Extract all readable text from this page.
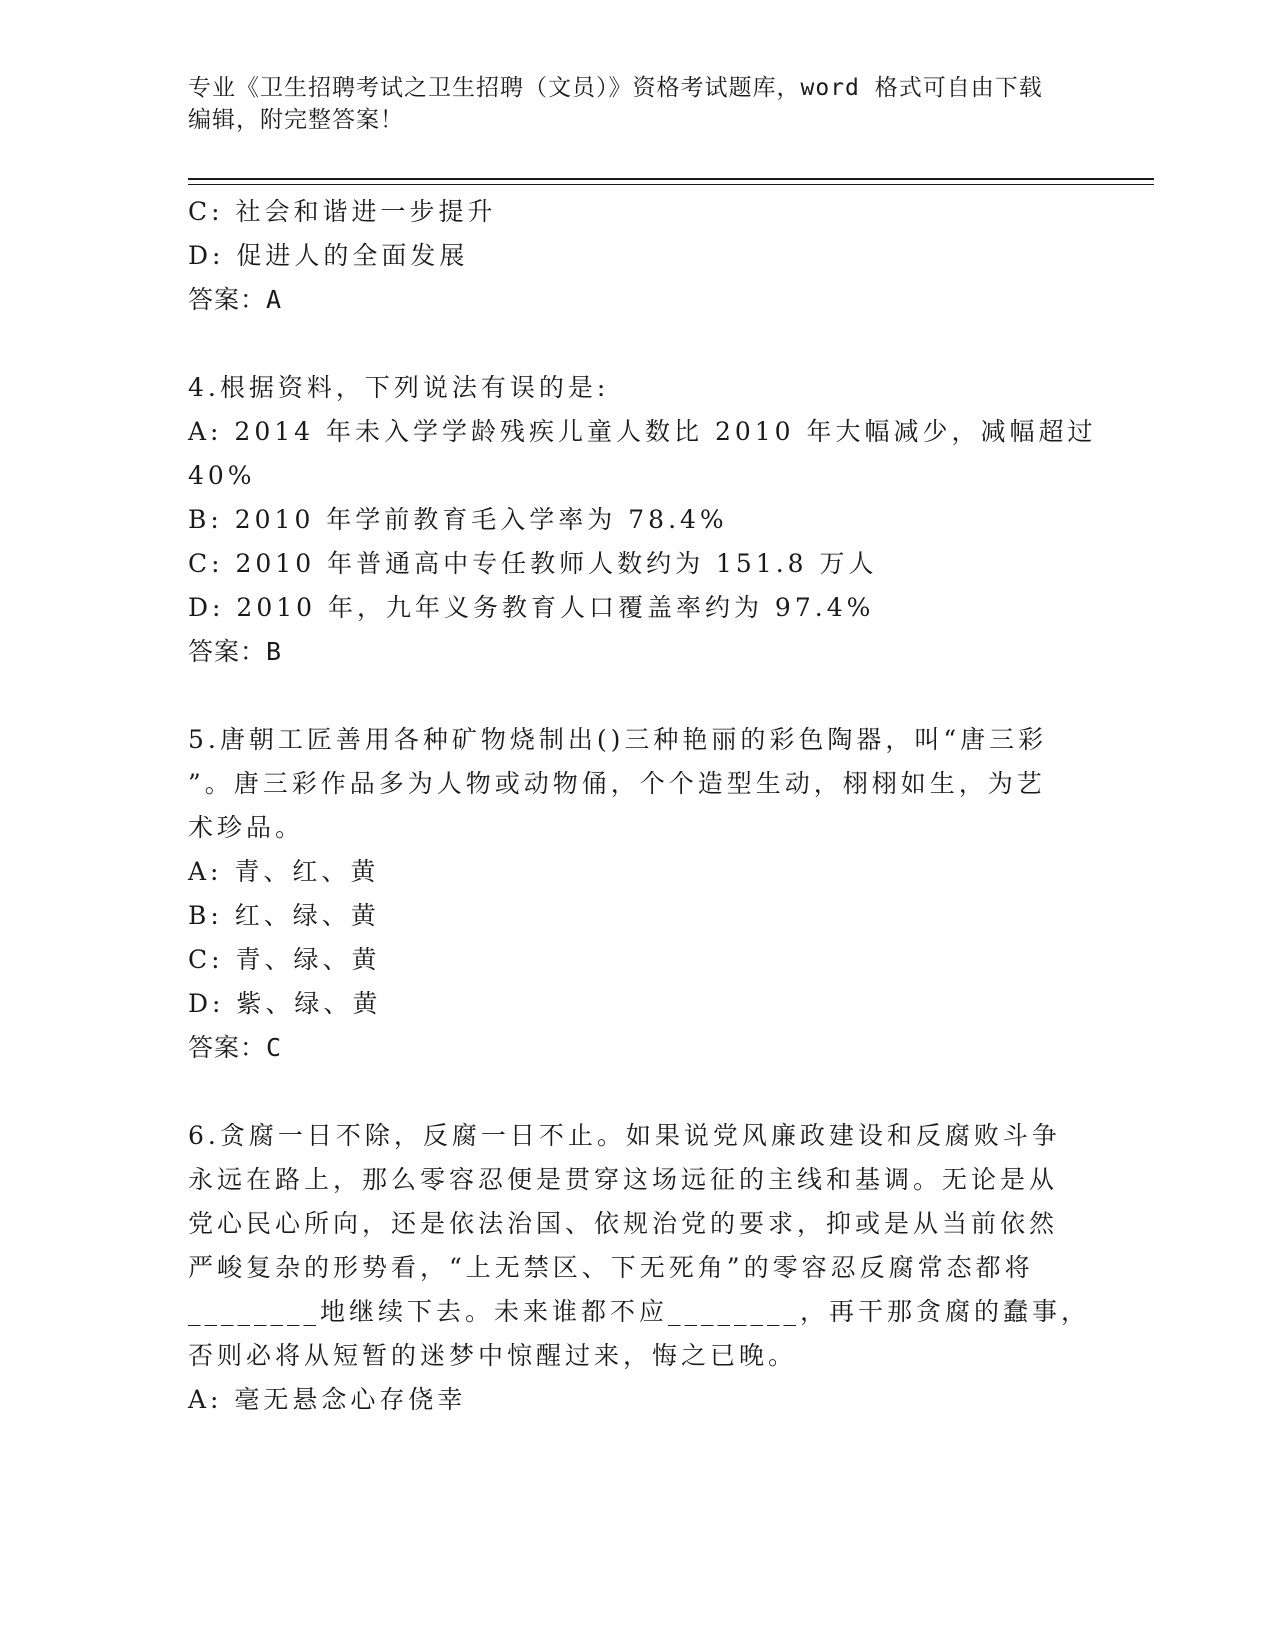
专业《卫生招聘考试之卫生招聘（文员）》资格考试题库，word 格式可自由下载
编辑，附完整答案！
C: 社会和谐进一步提升
D: 促进人的全面发展
答案：A
4.根据资料，下列说法有误的是:
A: 2014 年未入学学龄残疾儿童人数比 2010 年大幅减少，减幅超过
40%
B: 2010 年学前教育毛入学率为 78.4%
C: 2010 年普通高中专任教师人数约为 151.8 万人
D: 2010 年，九年义务教育人口覆盖率约为 97.4%
答案：B
5.唐朝工匠善用各种矿物烧制出()三种艳丽的彩色陶器，叫“唐三彩
”。唐三彩作品多为人物或动物俑，个个造型生动，栩栩如生，为艺
术珍品。
A: 青、红、黄
B: 红、绿、黄
C: 青、绿、黄
D: 紫、绿、黄
答案：C
6.贪腐一日不除，反腐一日不止。如果说党风廉政建设和反腐败斗争
永远在路上，那么零容忍便是贯穿这场远征的主线和基调。无论是从
党心民心所向，还是依法治国、依规治党的要求，抑或是从当前依然
严峻复杂的形势看，“上无禁区、下无死角”的零容忍反腐常态都将
________地继续下去。未来谁都不应________，再干那贪腐的蠢事，
否则必将从短暂的迷梦中惊醒过来，悔之已晚。
A: 毫无悬念心存侥幸
